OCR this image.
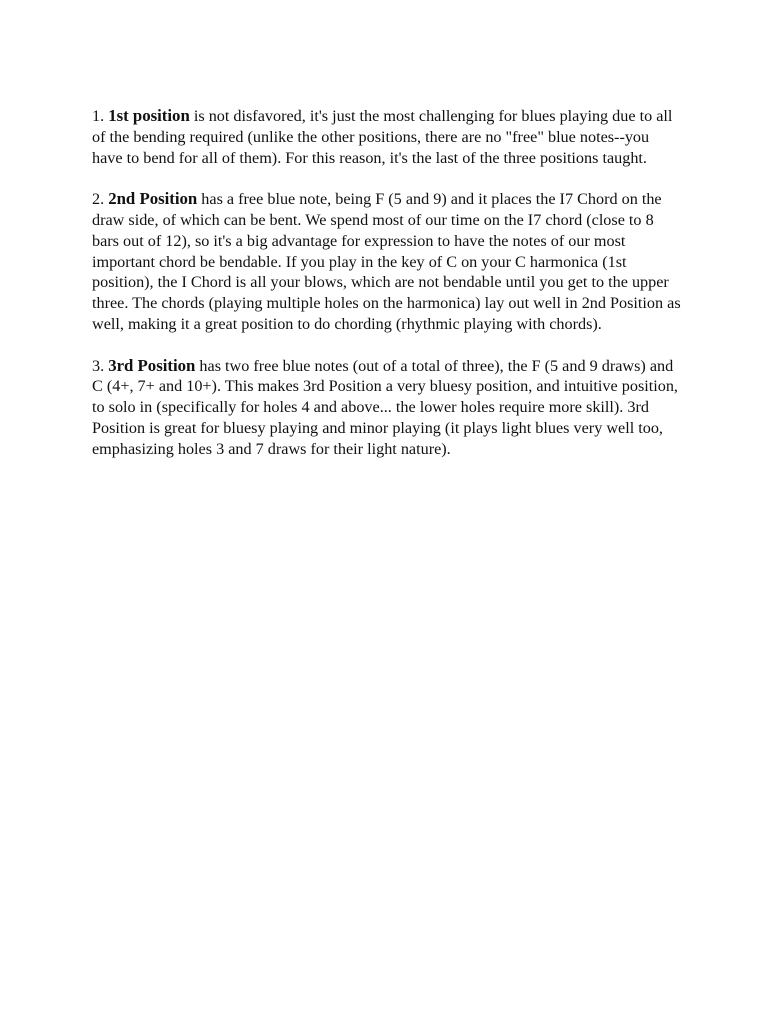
1. 1st position is not disfavored, it's just the most challenging for blues playing due to all of the bending required (unlike the other positions, there are no "free" blue notes--you have to bend for all of them). For this reason, it's the last of the three positions taught.

2. 2nd Position has a free blue note, being F (5 and 9) and it places the I7 Chord on the draw side, of which can be bent. We spend most of our time on the I7 chord (close to 8 bars out of 12), so it's a big advantage for expression to have the notes of our most important chord be bendable. If you play in the key of C on your C harmonica (1st position), the I Chord is all your blows, which are not bendable until you get to the upper three. The chords (playing multiple holes on the harmonica) lay out well in 2nd Position as well, making it a great position to do chording (rhythmic playing with chords).

3. 3rd Position has two free blue notes (out of a total of three), the F (5 and 9 draws) and C (4+, 7+ and 10+). This makes 3rd Position a very bluesy position, and intuitive position, to solo in (specifically for holes 4 and above... the lower holes require more skill). 3rd Position is great for bluesy playing and minor playing (it plays light blues very well too, emphasizing holes 3 and 7 draws for their light nature).
